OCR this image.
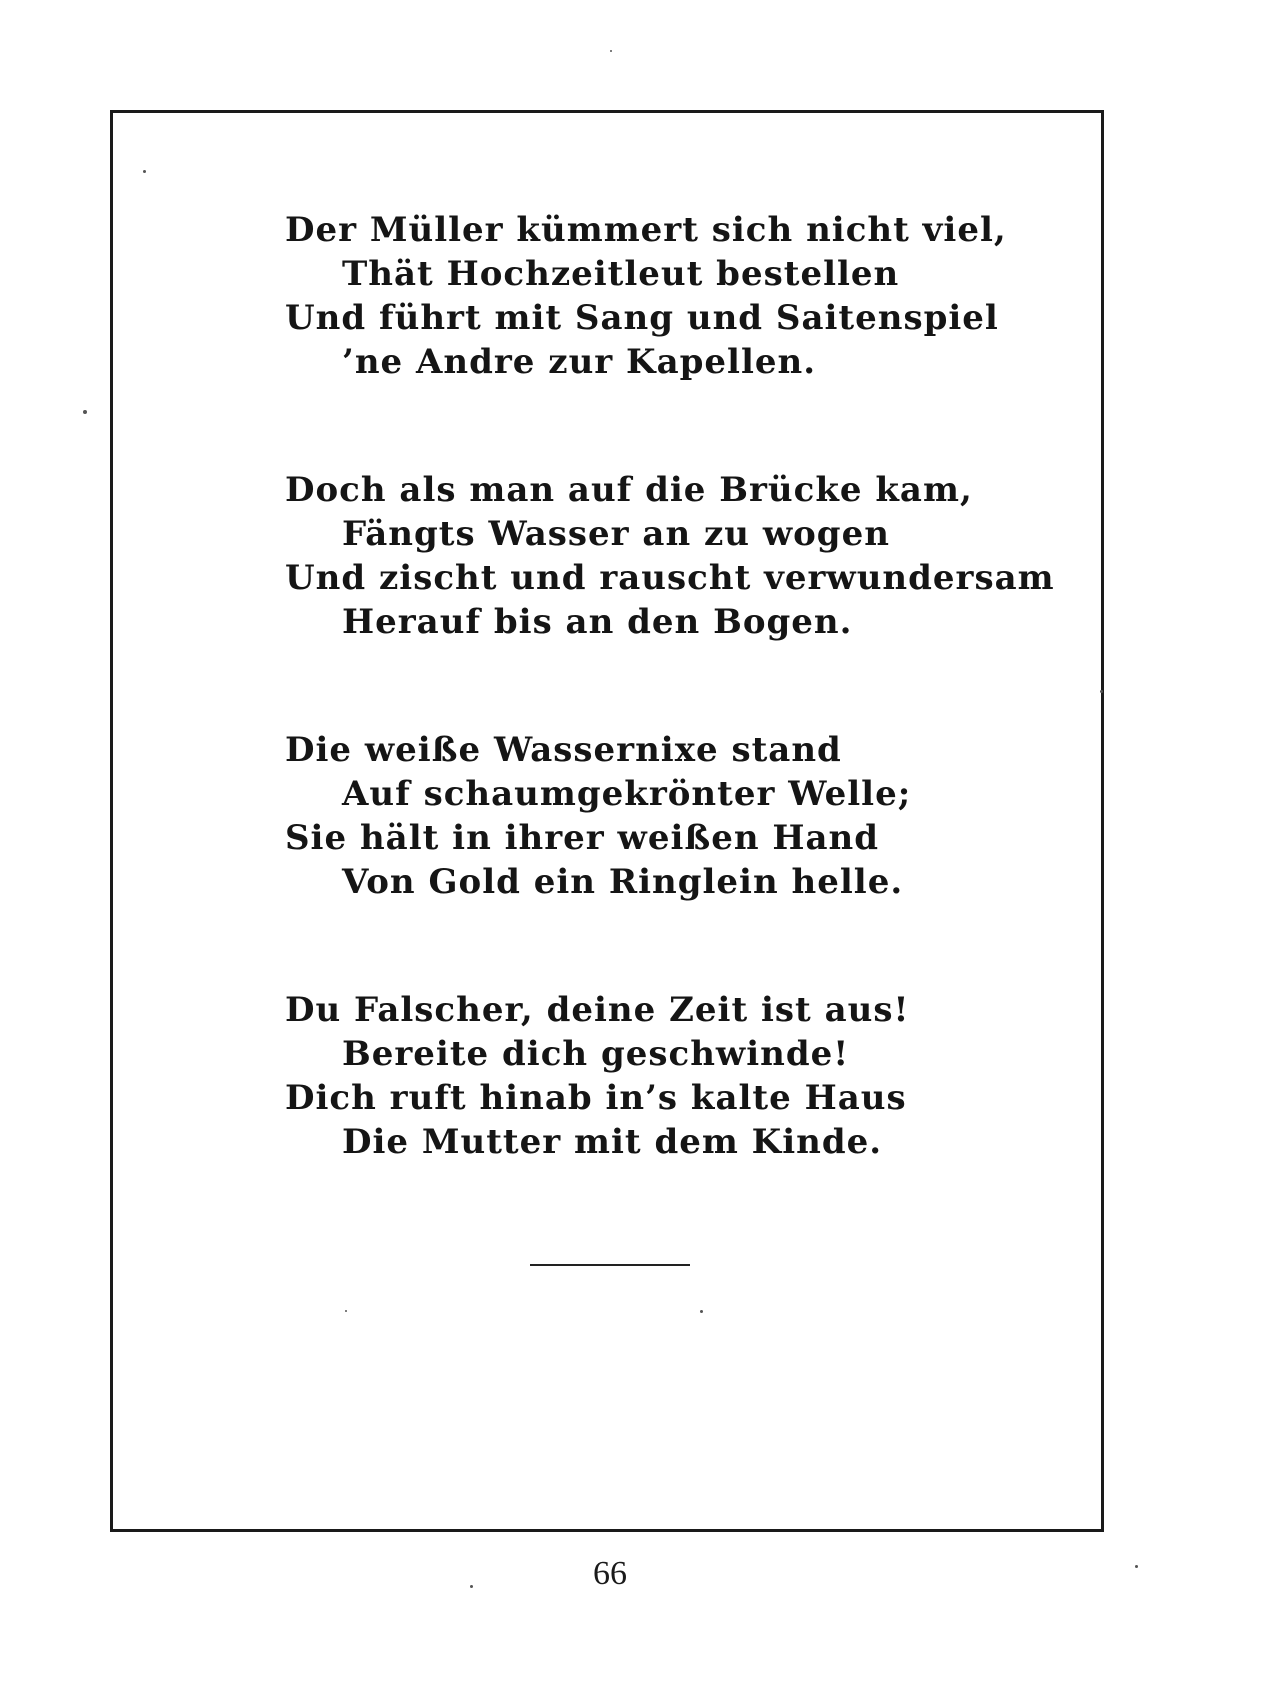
Der Müller kümmert sich nicht viel,
Thät Hochzeitleut bestellen
Und führt mit Sang und Saitenspiel
’ne Andre zur Kapellen.
Doch als man auf die Brücke kam,
Fängts Wasser an zu wogen
Und zischt und rauscht verwundersam
Herauf bis an den Bogen.
Die weiße Wassernixe stand
Auf schaumgekrönter Welle;
Sie hält in ihrer weißen Hand
Von Gold ein Ringlein helle.
Du Falscher, deine Zeit ist aus!
Bereite dich geschwinde!
Dich ruft hinab in’s kalte Haus
Die Mutter mit dem Kinde.
66
